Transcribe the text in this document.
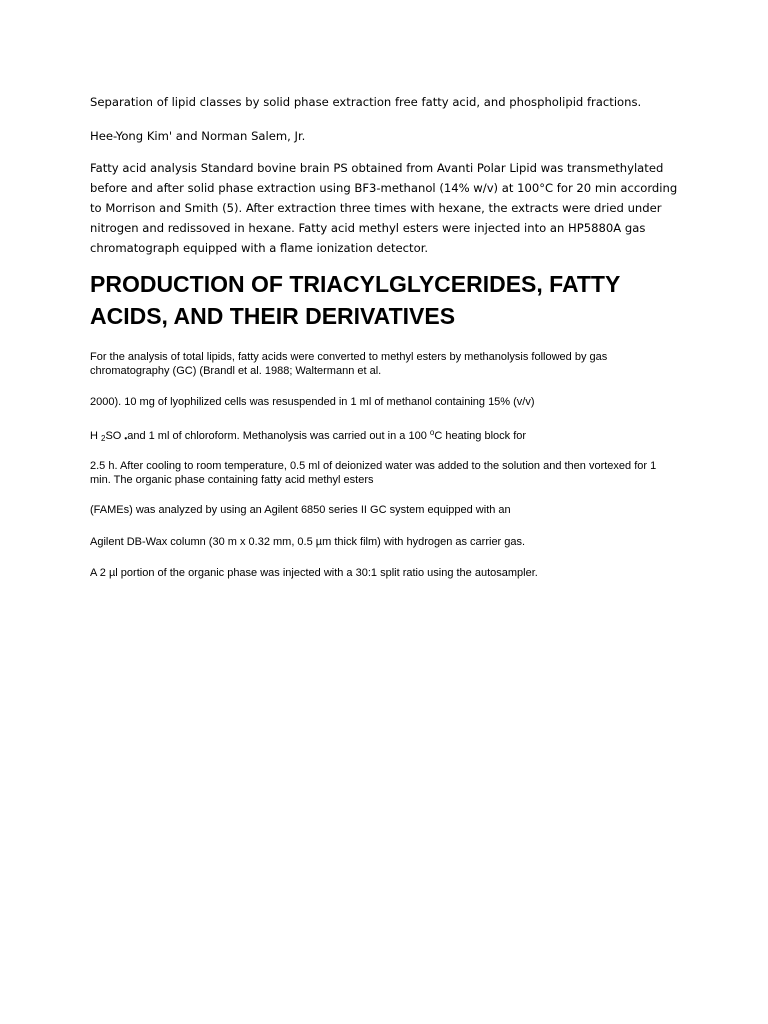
Separation of lipid classes by solid phase extraction free fatty acid, and phospholipid fractions.

Hee-Yong Kim' and Norman Salem, Jr.

Fatty acid analysis Standard bovine brain PS obtained from Avanti Polar Lipid was transmethylated before and after solid phase extraction using BF3-methanol (14% w/v) at 100°C for 20 min according to Morrison and Smith (5). After extraction three times with hexane, the extracts were dried under nitrogen and redissoved in hexane. Fatty acid methyl esters were injected into an HP5880A gas chromatograph equipped with a flame ionization detector.

PRODUCTION OF TRIACYLGLYCERIDES, FATTY ACIDS, AND THEIR DERIVATIVES

For the analysis of total lipids, fatty acids were converted to methyl esters by methanolysis followed by gas chromatography (GC) (Brandl et al. 1988; Waltermann et al.

2000). 10 mg of lyophilized cells was resuspended in 1 ml of methanol containing 15% (v/v)

H $_2$SO •and 1 ml of chloroform. Methanolysis was carried out in a 100 $^o$C heating block for

2.5 h. After cooling to room temperature, 0.5 ml of deionized water was added to the solution and then vortexed for 1 min. The organic phase containing fatty acid methyl esters

(FAMEs) was analyzed by using an Agilent 6850 series II GC system equipped with an

Agilent DB-Wax column (30 m x 0.32 mm, 0.5 µm thick film) with hydrogen as carrier gas.

A 2 µl portion of the organic phase was injected with a 30:1 split ratio using the autosampler.
